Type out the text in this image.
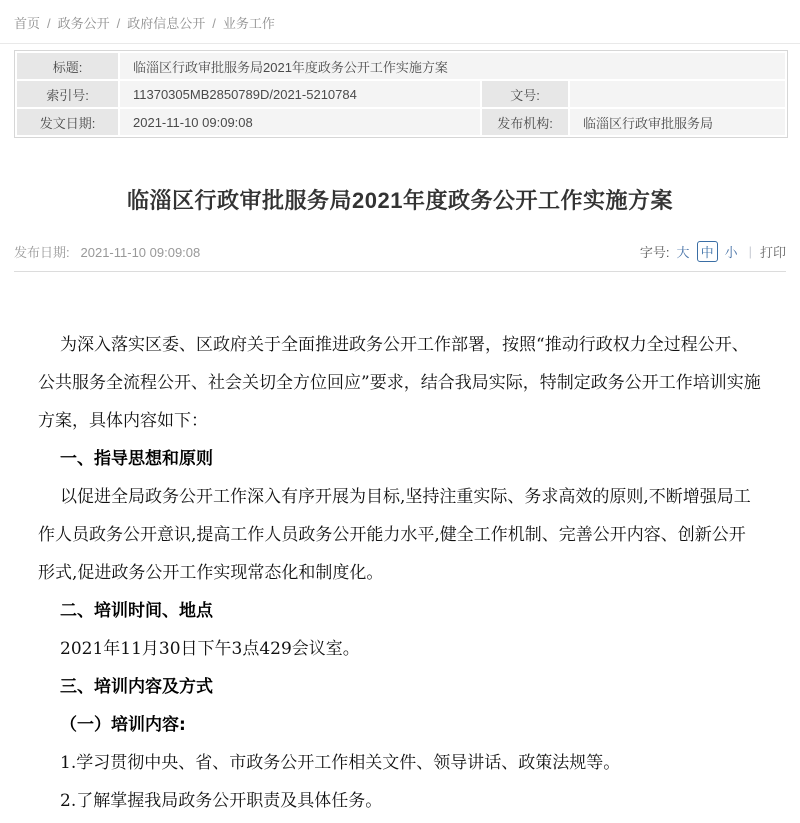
首页 / 政务公开 / 政府信息公开 / 业务工作
标题:	临淄区行政审批服务局2021年度政务公开工作实施方案		
索引号:	11370305MB2850789D/2021-5210784	文号:	
发文日期:	2021-11-10 09:09:08	发布机构:	临淄区行政审批服务局
临淄区行政审批服务局2021年度政务公开工作实施方案
发布日期: 2021-11-10 09:09:08	字号: 大 中 小 | 打印

为深入落实区委、区政府关于全面推进政务公开工作部署，按照“推动行政权力全过程公开、公共服务全流程公开、社会关切全方位回应”要求，结合我局实际，特制定政务公开工作培训实施方案，具体内容如下：

一、指导思想和原则

以促进全局政务公开工作深入有序开展为目标,坚持注重实际、务求高效的原则,不断增强局工作人员政务公开意识,提高工作人员政务公开能力水平,健全工作机制、完善公开内容、创新公开形式,促进政务公开工作实现常态化和制度化。

二、培训时间、地点

2021年11月30日下午3点429会议室。

三、培训内容及方式
（一）培训内容:

1.学习贯彻中央、省、市政务公开工作相关文件、领导讲话、政策法规等。

2.了解掌握我局政务公开职责及具体任务。
